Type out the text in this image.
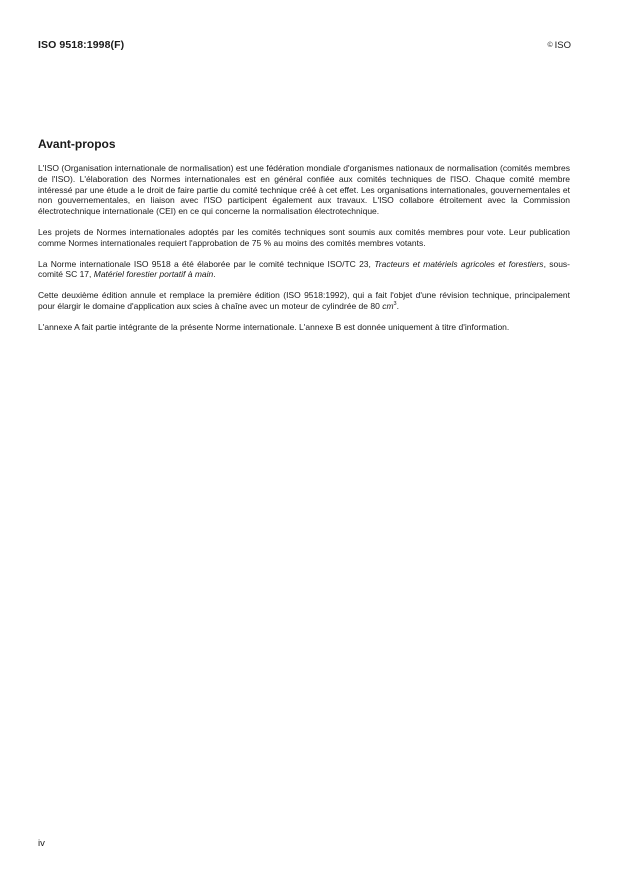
ISO 9518:1998(F)	© ISO
Avant-propos

L'ISO (Organisation internationale de normalisation) est une fédération mondiale d'organismes nationaux de normalisation (comités membres de l'ISO). L'élaboration des Normes internationales est en général confiée aux comités techniques de l'ISO. Chaque comité membre intéressé par une étude a le droit de faire partie du comité technique créé à cet effet. Les organisations internationales, gouvernementales et non gouvernementales, en liaison avec l'ISO participent également aux travaux. L'ISO collabore étroitement avec la Commission électrotechnique internationale (CEI) en ce qui concerne la normalisation électrotechnique.

Les projets de Normes internationales adoptés par les comités techniques sont soumis aux comités membres pour vote. Leur publication comme Normes internationales requiert l'approbation de 75 % au moins des comités membres votants.

La Norme internationale ISO 9518 a été élaborée par le comité technique ISO/TC 23, Tracteurs et matériels agricoles et forestiers, sous-comité SC 17, Matériel forestier portatif à main.

Cette deuxième édition annule et remplace la première édition (ISO 9518:1992), qui a fait l'objet d'une révision technique, principalement pour élargir le domaine d'application aux scies à chaîne avec un moteur de cylindrée de 80 $cm^3$.

L'annexe A fait partie intégrante de la présente Norme internationale. L'annexe B est donnée uniquement à titre d'information.

iv
